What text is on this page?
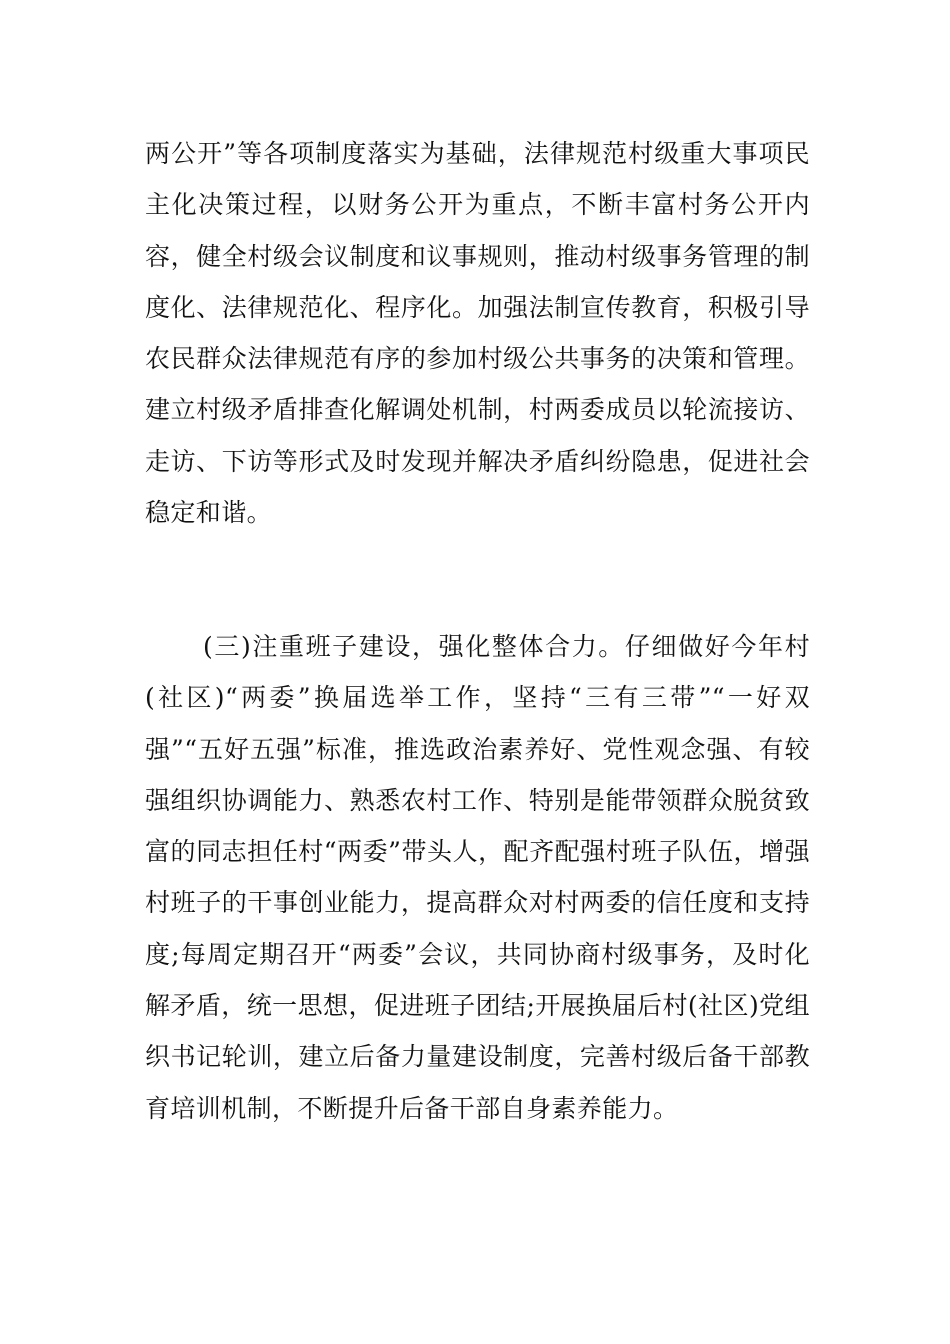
两公开”等各项制度落实为基础，法律规范村级重大事项民主化决策过程，以财务公开为重点，不断丰富村务公开内容，健全村级会议制度和议事规则，推动村级事务管理的制度化、法律规范化、程序化。加强法制宣传教育，积极引导农民群众法律规范有序的参加村级公共事务的决策和管理。建立村级矛盾排查化解调处机制，村两委成员以轮流接访、走访、下访等形式及时发现并解决矛盾纠纷隐患，促进社会稳定和谐。

(三)注重班子建设，强化整体合力。仔细做好今年村(社区)“两委”换届选举工作，坚持“三有三带”“一好双强”“五好五强”标准，推选政治素养好、党性观念强、有较强组织协调能力、熟悉农村工作、特别是能带领群众脱贫致富的同志担任村“两委”带头人，配齐配强村班子队伍，增强村班子的干事创业能力，提高群众对村两委的信任度和支持度;每周定期召开“两委”会议，共同协商村级事务，及时化解矛盾，统一思想，促进班子团结;开展换届后村(社区)党组织书记轮训，建立后备力量建设制度，完善村级后备干部教育培训机制，不断提升后备干部自身素养能力。
